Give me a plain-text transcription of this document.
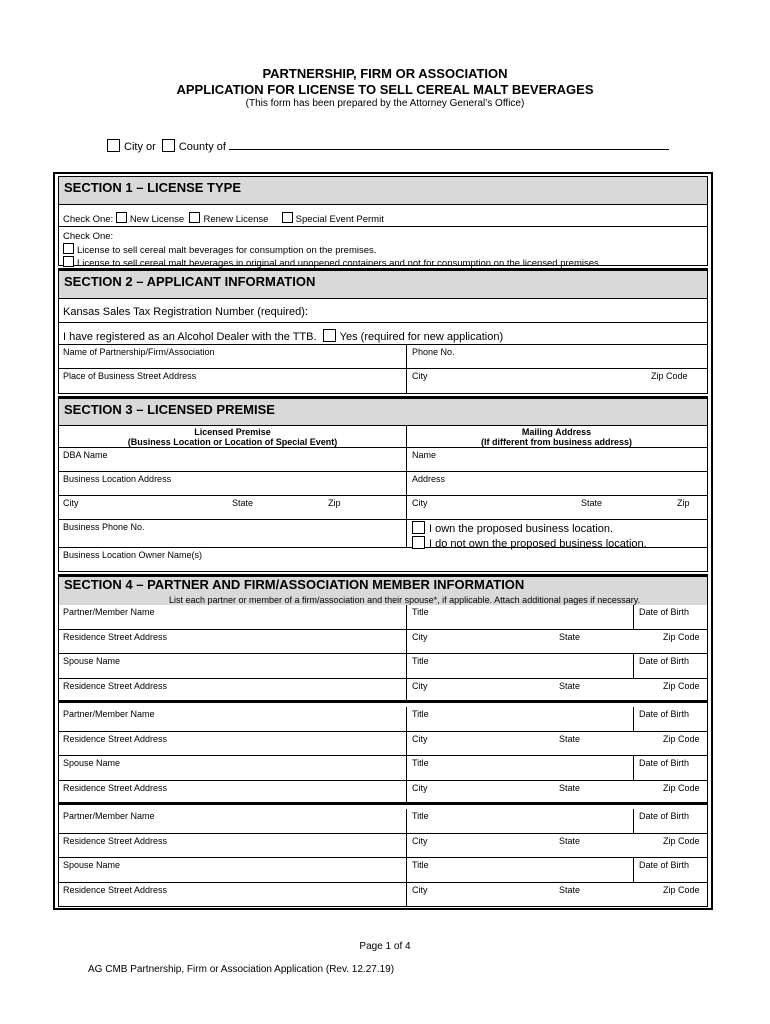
PARTNERSHIP, FIRM OR ASSOCIATION
APPLICATION FOR LICENSE TO SELL CEREAL MALT BEVERAGES
(This form has been prepared by the Attorney General’s Office)
City or County of
SECTION 1 – LICENSE TYPE
Check One: New License Renew License	Special Event Permit
Check One:
License to sell cereal malt beverages for consumption on the premises.
License to sell cereal malt beverages in original and unopened containers and not for consumption on the licensed premises.
SECTION 2 – APPLICANT INFORMATION
Kansas Sales Tax Registration Number (required):
I have registered as an Alcohol Dealer with the TTB. Yes (required for new application)
Name of Partnership/Firm/Association	Phone No.
Place of Business Street Address	City	Zip Code
SECTION 3 – LICENSED PREMISE
Licensed Premise
(Business Location or Location of Special Event)
Mailing Address
(If different from business address)
DBA Name	Name
Business Location Address	Address
City	State	Zip	City	State	Zip
Business Phone No.	I own the proposed business location.
I do not own the proposed business location.
Business Location Owner Name(s)
SECTION 4 – PARTNER AND FIRM/ASSOCIATION MEMBER INFORMATION
List each partner or member of a firm/association and their spouse*, if applicable. Attach additional pages if necessary.
Partner/Member Name	Title	Date of Birth
Residence Street Address	City	State	Zip Code
Spouse Name	Title	Date of Birth
Residence Street Address	City	State	Zip Code
Partner/Member Name	Title	Date of Birth
Residence Street Address	City	State	Zip Code
Spouse Name	Title	Date of Birth
Residence Street Address	City	State	Zip Code
Partner/Member Name	Title	Date of Birth
Residence Street Address	City	State	Zip Code
Spouse Name	Title	Date of Birth
Residence Street Address	City	State	Zip Code
Page 1 of 4
AG CMB Partnership, Firm or Association Application (Rev. 12.27.19)
